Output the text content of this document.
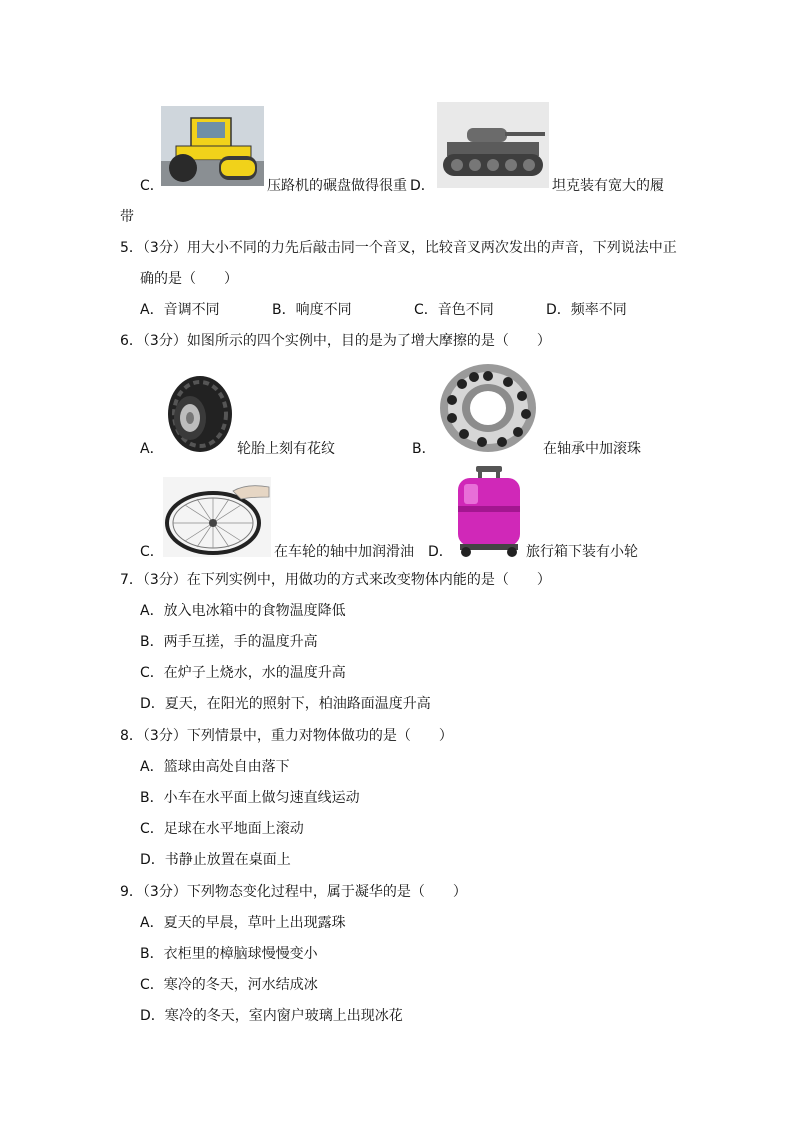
C．	压路机的碾盘做得很重 D．	坦克装有宽大的履
带
5．（3分）用大小不同的力先后敲击同一个音叉，比较音叉两次发出的声音，下列说法中正
确的是（　　）
A．音调不同	B．响度不同	C．音色不同	D．频率不同
6．（3分）如图所示的四个实例中，目的是为了增大摩擦的是（　　）
A．	轮胎上刻有花纹	B．	在轴承中加滚珠
C．	在车轮的轴中加润滑油 D．	旅行箱下装有小轮
7．（3分）在下列实例中，用做功的方式来改变物体内能的是（　　）
A．放入电冰箱中的食物温度降低
B．两手互搓，手的温度升高
C．在炉子上烧水，水的温度升高
D．夏天，在阳光的照射下，柏油路面温度升高
8．（3分）下列情景中，重力对物体做功的是（　　）
A．篮球由高处自由落下
B．小车在水平面上做匀速直线运动
C．足球在水平地面上滚动
D．书静止放置在桌面上
9．（3分）下列物态变化过程中，属于凝华的是（　　）
A．夏天的早晨，草叶上出现露珠
B．衣柜里的樟脑球慢慢变小
C．寒冷的冬天，河水结成冰
D．寒冷的冬天，室内窗户玻璃上出现冰花
